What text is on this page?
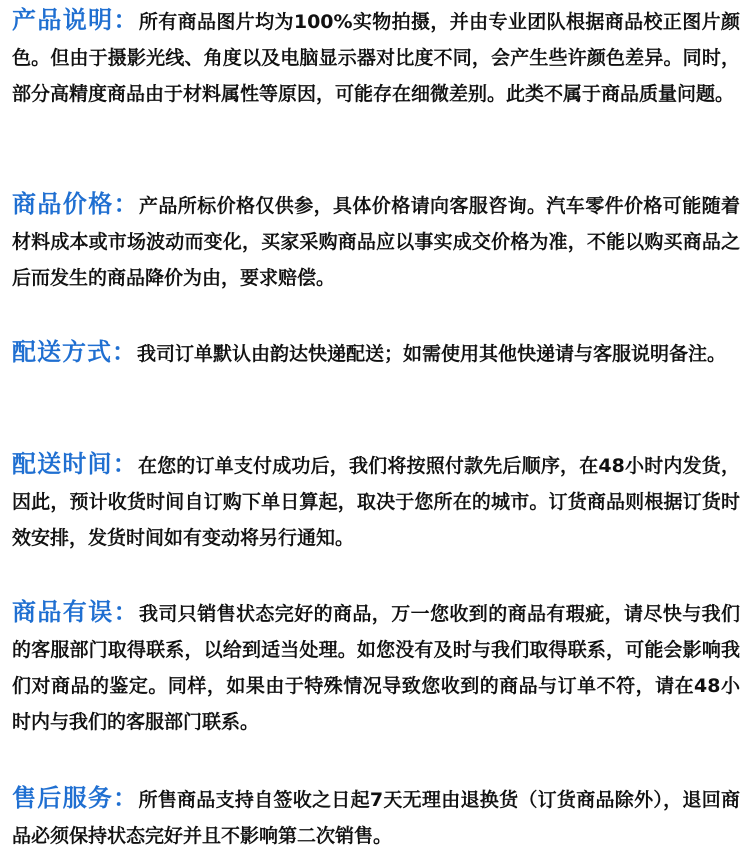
产品说明：所有商品图片均为100%实物拍摄，并由专业团队根据商品校正图片颜色。但由于摄影光线、角度以及电脑显示器对比度不同，会产生些许颜色差异。同时，部分高精度商品由于材料属性等原因，可能存在细微差别。此类不属于商品质量问题。
商品价格：产品所标价格仅供参，具体价格请向客服咨询。汽车零件价格可能随着材料成本或市场波动而变化，买家采购商品应以事实成交价格为准，不能以购买商品之后而发生的商品降价为由，要求赔偿。
配送方式：我司订单默认由韵达快递配送；如需使用其他快递请与客服说明备注。
配送时间：在您的订单支付成功后，我们将按照付款先后顺序，在48小时内发货，因此，预计收货时间自订购下单日算起，取决于您所在的城市。订货商品则根据订货时效安排，发货时间如有变动将另行通知。
商品有误：我司只销售状态完好的商品，万一您收到的商品有瑕疵，请尽快与我们的客服部门取得联系，以给到适当处理。如您没有及时与我们取得联系，可能会影响我们对商品的鉴定。同样，如果由于特殊情况导致您收到的商品与订单不符，请在48小时内与我们的客服部门联系。
售后服务：所售商品支持自签收之日起7天无理由退换货（订货商品除外），退回商品必须保持状态完好并且不影响第二次销售。
